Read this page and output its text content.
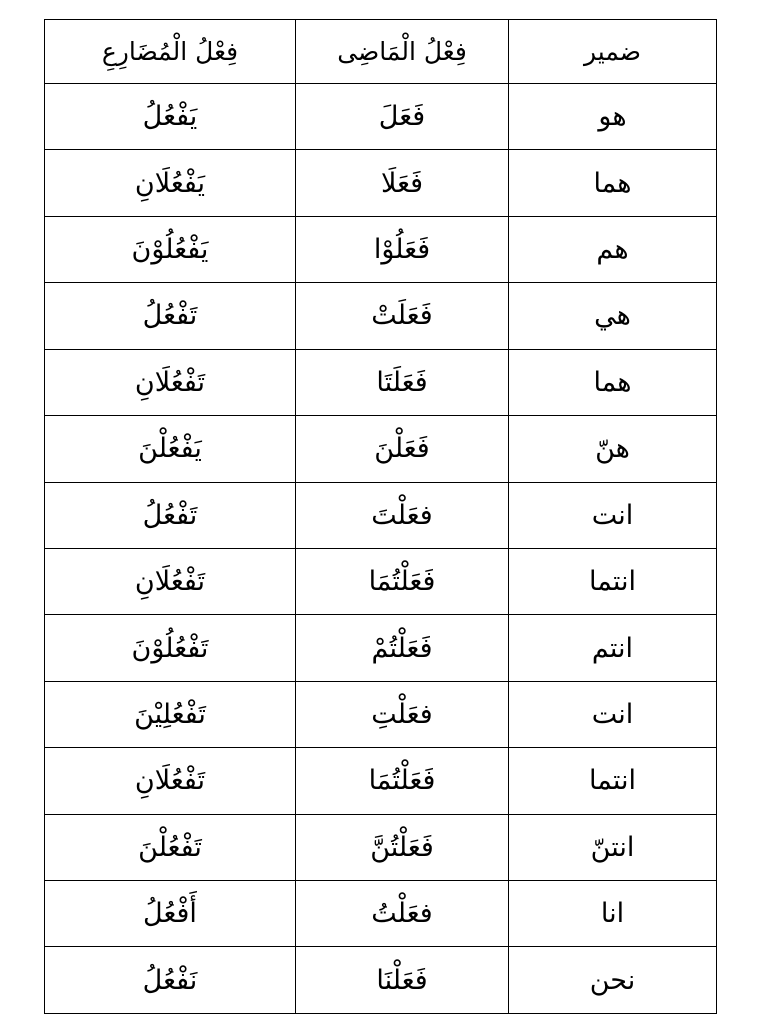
فِعْلُ الْمُضَارِعِ	فِعْلُ الْمَاضِى	ضمير
يَفْعُلُ	فَعَلَ	هو
يَفْعُلَانِ	فَعَلَا	هما
يَفْعُلُوْنَ	فَعَلُوْا	هم
تَفْعُلُ	فَعَلَتْ	هي
تَفْعُلَانِ	فَعَلَتَا	هما
يَفْعُلْنَ	فَعَلْنَ	هنّ
تَفْعُلُ	فعَلْتَ	انت
تَفْعُلَانِ	فَعَلْتُمَا	انتما
تَفْعُلُوْنَ	فَعَلْتُمْ	انتم
تَفْعُلِيْنَ	فعَلْتِ	انت
تَفْعُلَانِ	فَعَلْتُمَا	انتما
تَفْعُلْنَ	فَعَلْتُنَّ	انتنّ
أَفْعُلُ	فعَلْتُ	انا
نَفْعُلُ	فَعَلْنَا	نحن
